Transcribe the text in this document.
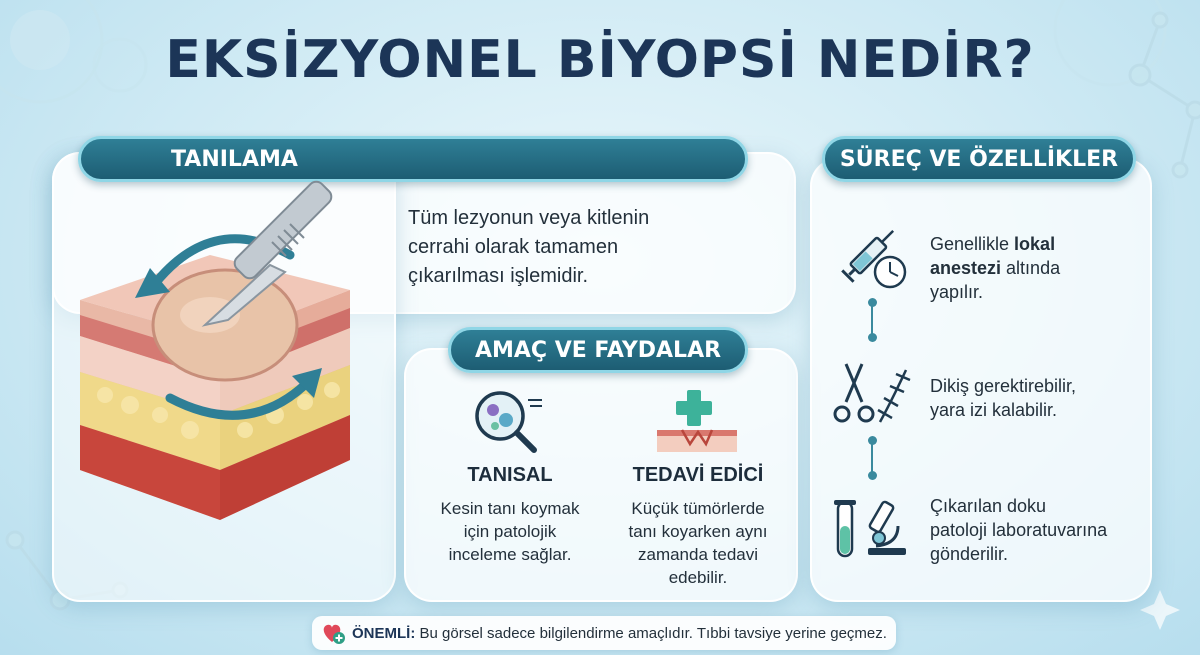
EKSİZYONEL BİYOPSİ NEDİR?
TANILAMA
Tüm lezyonun veya kitlenin
cerrahi olarak tamamen
çıkarılması işlemidir.
AMAÇ VE FAYDALAR
TANISAL
Kesin tanı koymak
için patolojik
inceleme sağlar.
TEDAVİ EDİCİ
Küçük tümörlerde
tanı koyarken aynı
zamanda tedavi
edebilir.
SÜREÇ VE ÖZELLİKLER
Genellikle lokal
anestezi altında
yapılır.
Dikiş gerektirebilir,
yara izi kalabilir.
Çıkarılan doku
patoloji laboratuvarına
gönderilir.
ÖNEMLİ: Bu görsel sadece bilgilendirme amaçlıdır. Tıbbi tavsiye yerine geçmez.
